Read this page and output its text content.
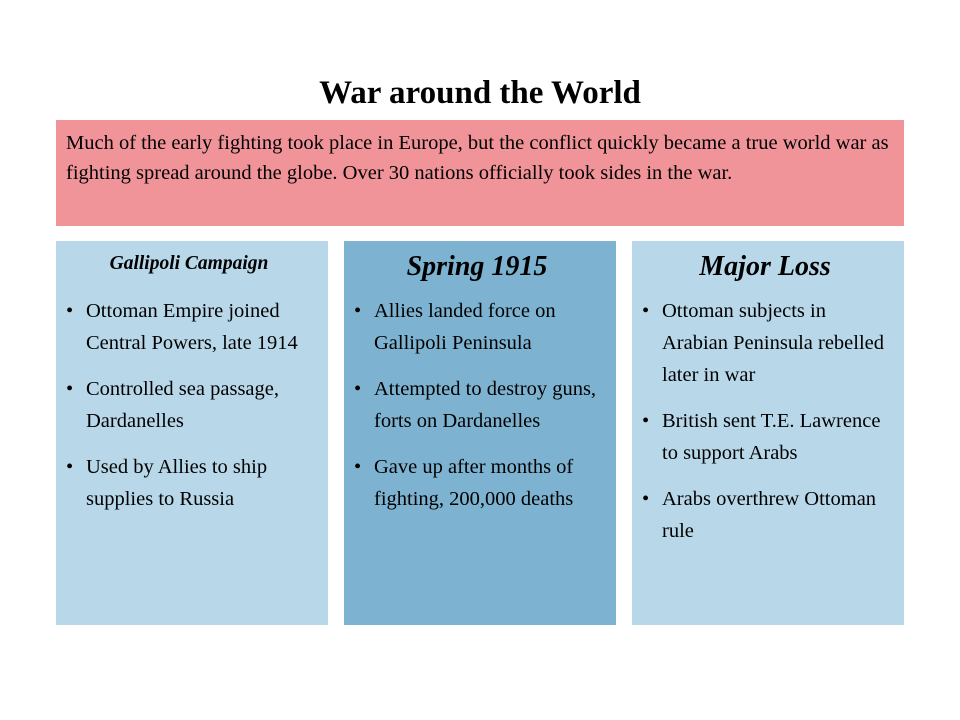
War around the World
Much of the early fighting took place in Europe, but the conflict quickly became a true world war as fighting spread around the globe. Over 30 nations officially took sides in the war.
Gallipoli Campaign
• Ottoman Empire joined Central Powers, late 1914
• Controlled sea passage, Dardanelles
• Used by Allies to ship supplies to Russia
Spring 1915
• Allies landed force on Gallipoli Peninsula
• Attempted to destroy guns, forts on Dardanelles
• Gave up after months of fighting, 200,000 deaths
Major Loss
• Ottoman subjects in Arabian Peninsula rebelled later in war
• British sent T.E. Lawrence to support Arabs
• Arabs overthrew Ottoman rule
